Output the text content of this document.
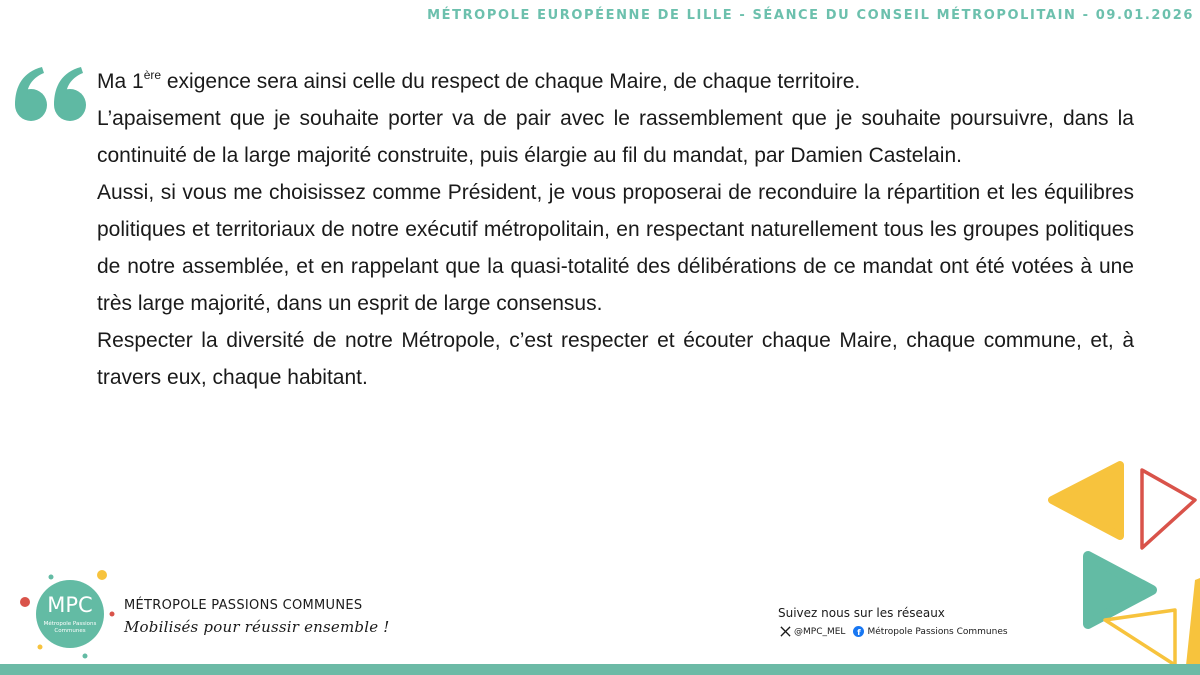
MÉTROPOLE EUROPÉENNE DE LILLE - SÉANCE DU CONSEIL MÉTROPOLITAIN - 09.01.2026

Ma 1ère exigence sera ainsi celle du respect de chaque Maire, de chaque territoire.

L’apaisement que je souhaite porter va de pair avec le rassemblement que je souhaite poursuivre, dans la continuité de la large majorité construite, puis élargie au fil du mandat, par Damien Castelain.

Aussi, si vous me choisissez comme Président, je vous proposerai de reconduire la répartition et les équilibres politiques et territoriaux de notre exécutif métropolitain, en respectant naturellement tous les groupes politiques de notre assemblée, et en rappelant que la quasi-totalité des délibérations de ce mandat ont été votées à une très large majorité, dans un esprit de large consensus.

Respecter la diversité de notre Métropole, c’est respecter et écouter chaque Maire, chaque commune, et, à travers eux, chaque habitant.

MPC
Métropole Passions
Communes
MÉTROPOLE PASSIONS COMMUNES
Mobilisés pour réussir ensemble !
Suivez nous sur les réseaux
@MPC_MEL f Métropole Passions Communes
